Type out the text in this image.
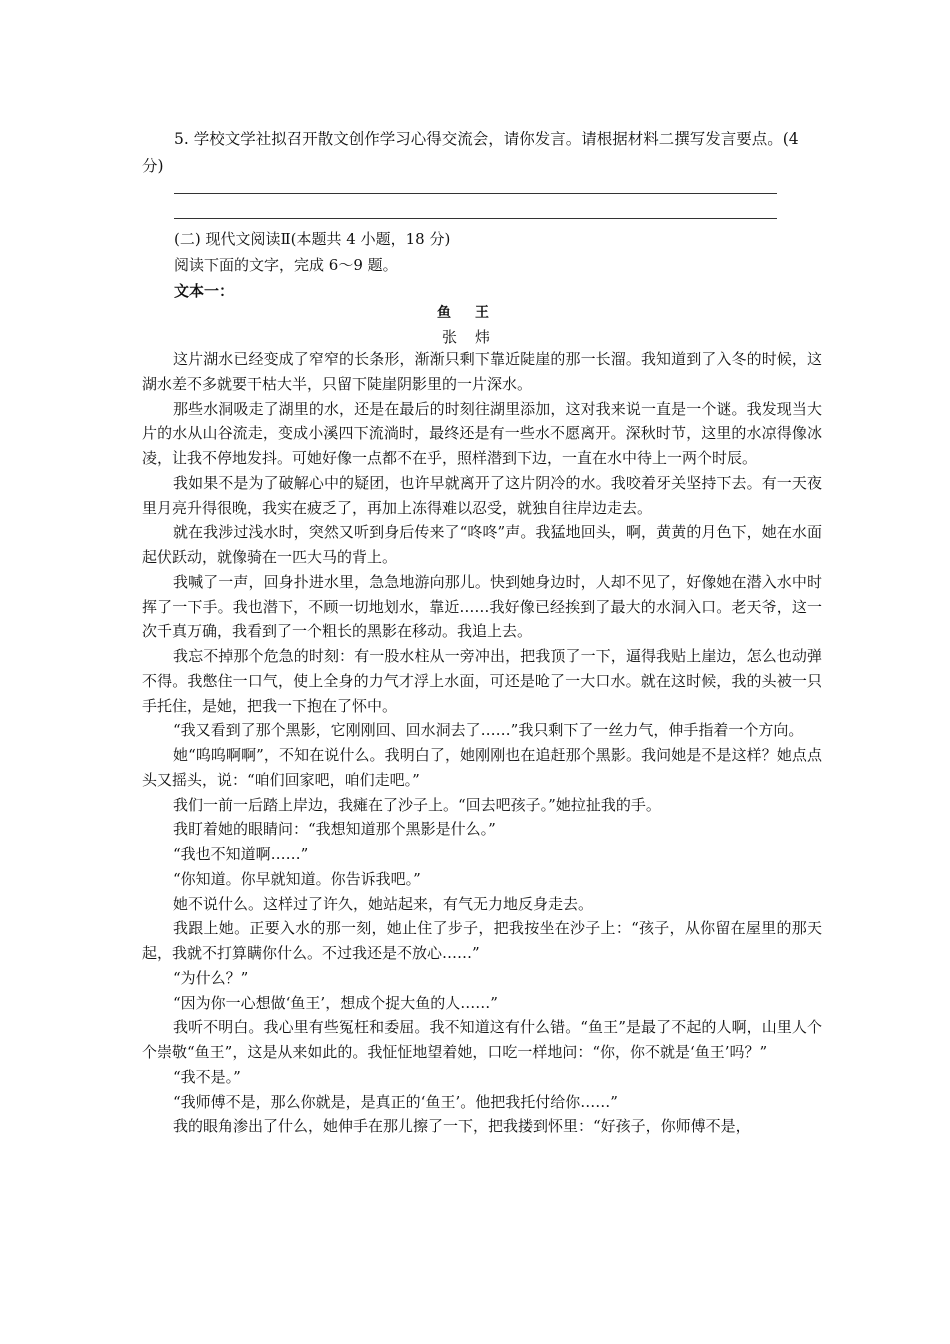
5. 学校文学社拟召开散文创作学习心得交流会，请你发言。请根据材料二撰写发言要点。(4 分)

(二) 现代文阅读Ⅱ(本题共 4 小题，18 分)

阅读下面的文字，完成 6～9 题。

文本一：

鱼王

张炜

这片湖水已经变成了窄窄的长条形，渐渐只剩下靠近陡崖的那一长溜。我知道到了入冬的时候，这湖水差不多就要干枯大半，只留下陡崖阴影里的一片深水。

那些水洞吸走了湖里的水，还是在最后的时刻往湖里添加，这对我来说一直是一个谜。我发现当大片的水从山谷流走，变成小溪四下流淌时，最终还是有一些水不愿离开。深秋时节，这里的水凉得像冰凌，让我不停地发抖。可她好像一点都不在乎，照样潜到下边，一直在水中待上一两个时辰。

我如果不是为了破解心中的疑团，也许早就离开了这片阴冷的水。我咬着牙关坚持下去。有一天夜里月亮升得很晚，我实在疲乏了，再加上冻得难以忍受，就独自往岸边走去。

就在我涉过浅水时，突然又听到身后传来了“咚咚”声。我猛地回头，啊，黄黄的月色下，她在水面起伏跃动，就像骑在一匹大马的背上。

我喊了一声，回身扑进水里，急急地游向那儿。快到她身边时，人却不见了，好像她在潜入水中时挥了一下手。我也潜下，不顾一切地划水，靠近……我好像已经挨到了最大的水洞入口。老天爷，这一次千真万确，我看到了一个粗长的黑影在移动。我追上去。

我忘不掉那个危急的时刻：有一股水柱从一旁冲出，把我顶了一下，逼得我贴上崖边，怎么也动弹不得。我憋住一口气，使上全身的力气才浮上水面，可还是呛了一大口水。就在这时候，我的头被一只手托住，是她，把我一下抱在了怀中。

“我又看到了那个黑影，它刚刚回、回水洞去了……”我只剩下了一丝力气，伸手指着一个方向。

她“呜呜啊啊”，不知在说什么。我明白了，她刚刚也在追赶那个黑影。我问她是不是这样？她点点头又摇头，说：“咱们回家吧，咱们走吧。”

我们一前一后踏上岸边，我瘫在了沙子上。“回去吧孩子。”她拉扯我的手。

我盯着她的眼睛问：“我想知道那个黑影是什么。”

“我也不知道啊……”

“你知道。你早就知道。你告诉我吧。”

她不说什么。这样过了许久，她站起来，有气无力地反身走去。

我跟上她。正要入水的那一刻，她止住了步子，把我按坐在沙子上：“孩子，从你留在屋里的那天起，我就不打算瞒你什么。不过我还是不放心……”

“为什么？”

“因为你一心想做‘鱼王’，想成个捉大鱼的人……”

我听不明白。我心里有些冤枉和委屈。我不知道这有什么错。“鱼王”是最了不起的人啊，山里人个个崇敬“鱼王”，这是从来如此的。我怔怔地望着她，口吃一样地问：“你，你不就是‘鱼王’吗？”

“我不是。”

“我师傅不是，那么你就是，是真正的‘鱼王’。他把我托付给你……”

我的眼角渗出了什么，她伸手在那儿擦了一下，把我搂到怀里：“好孩子，你师傅不是，
